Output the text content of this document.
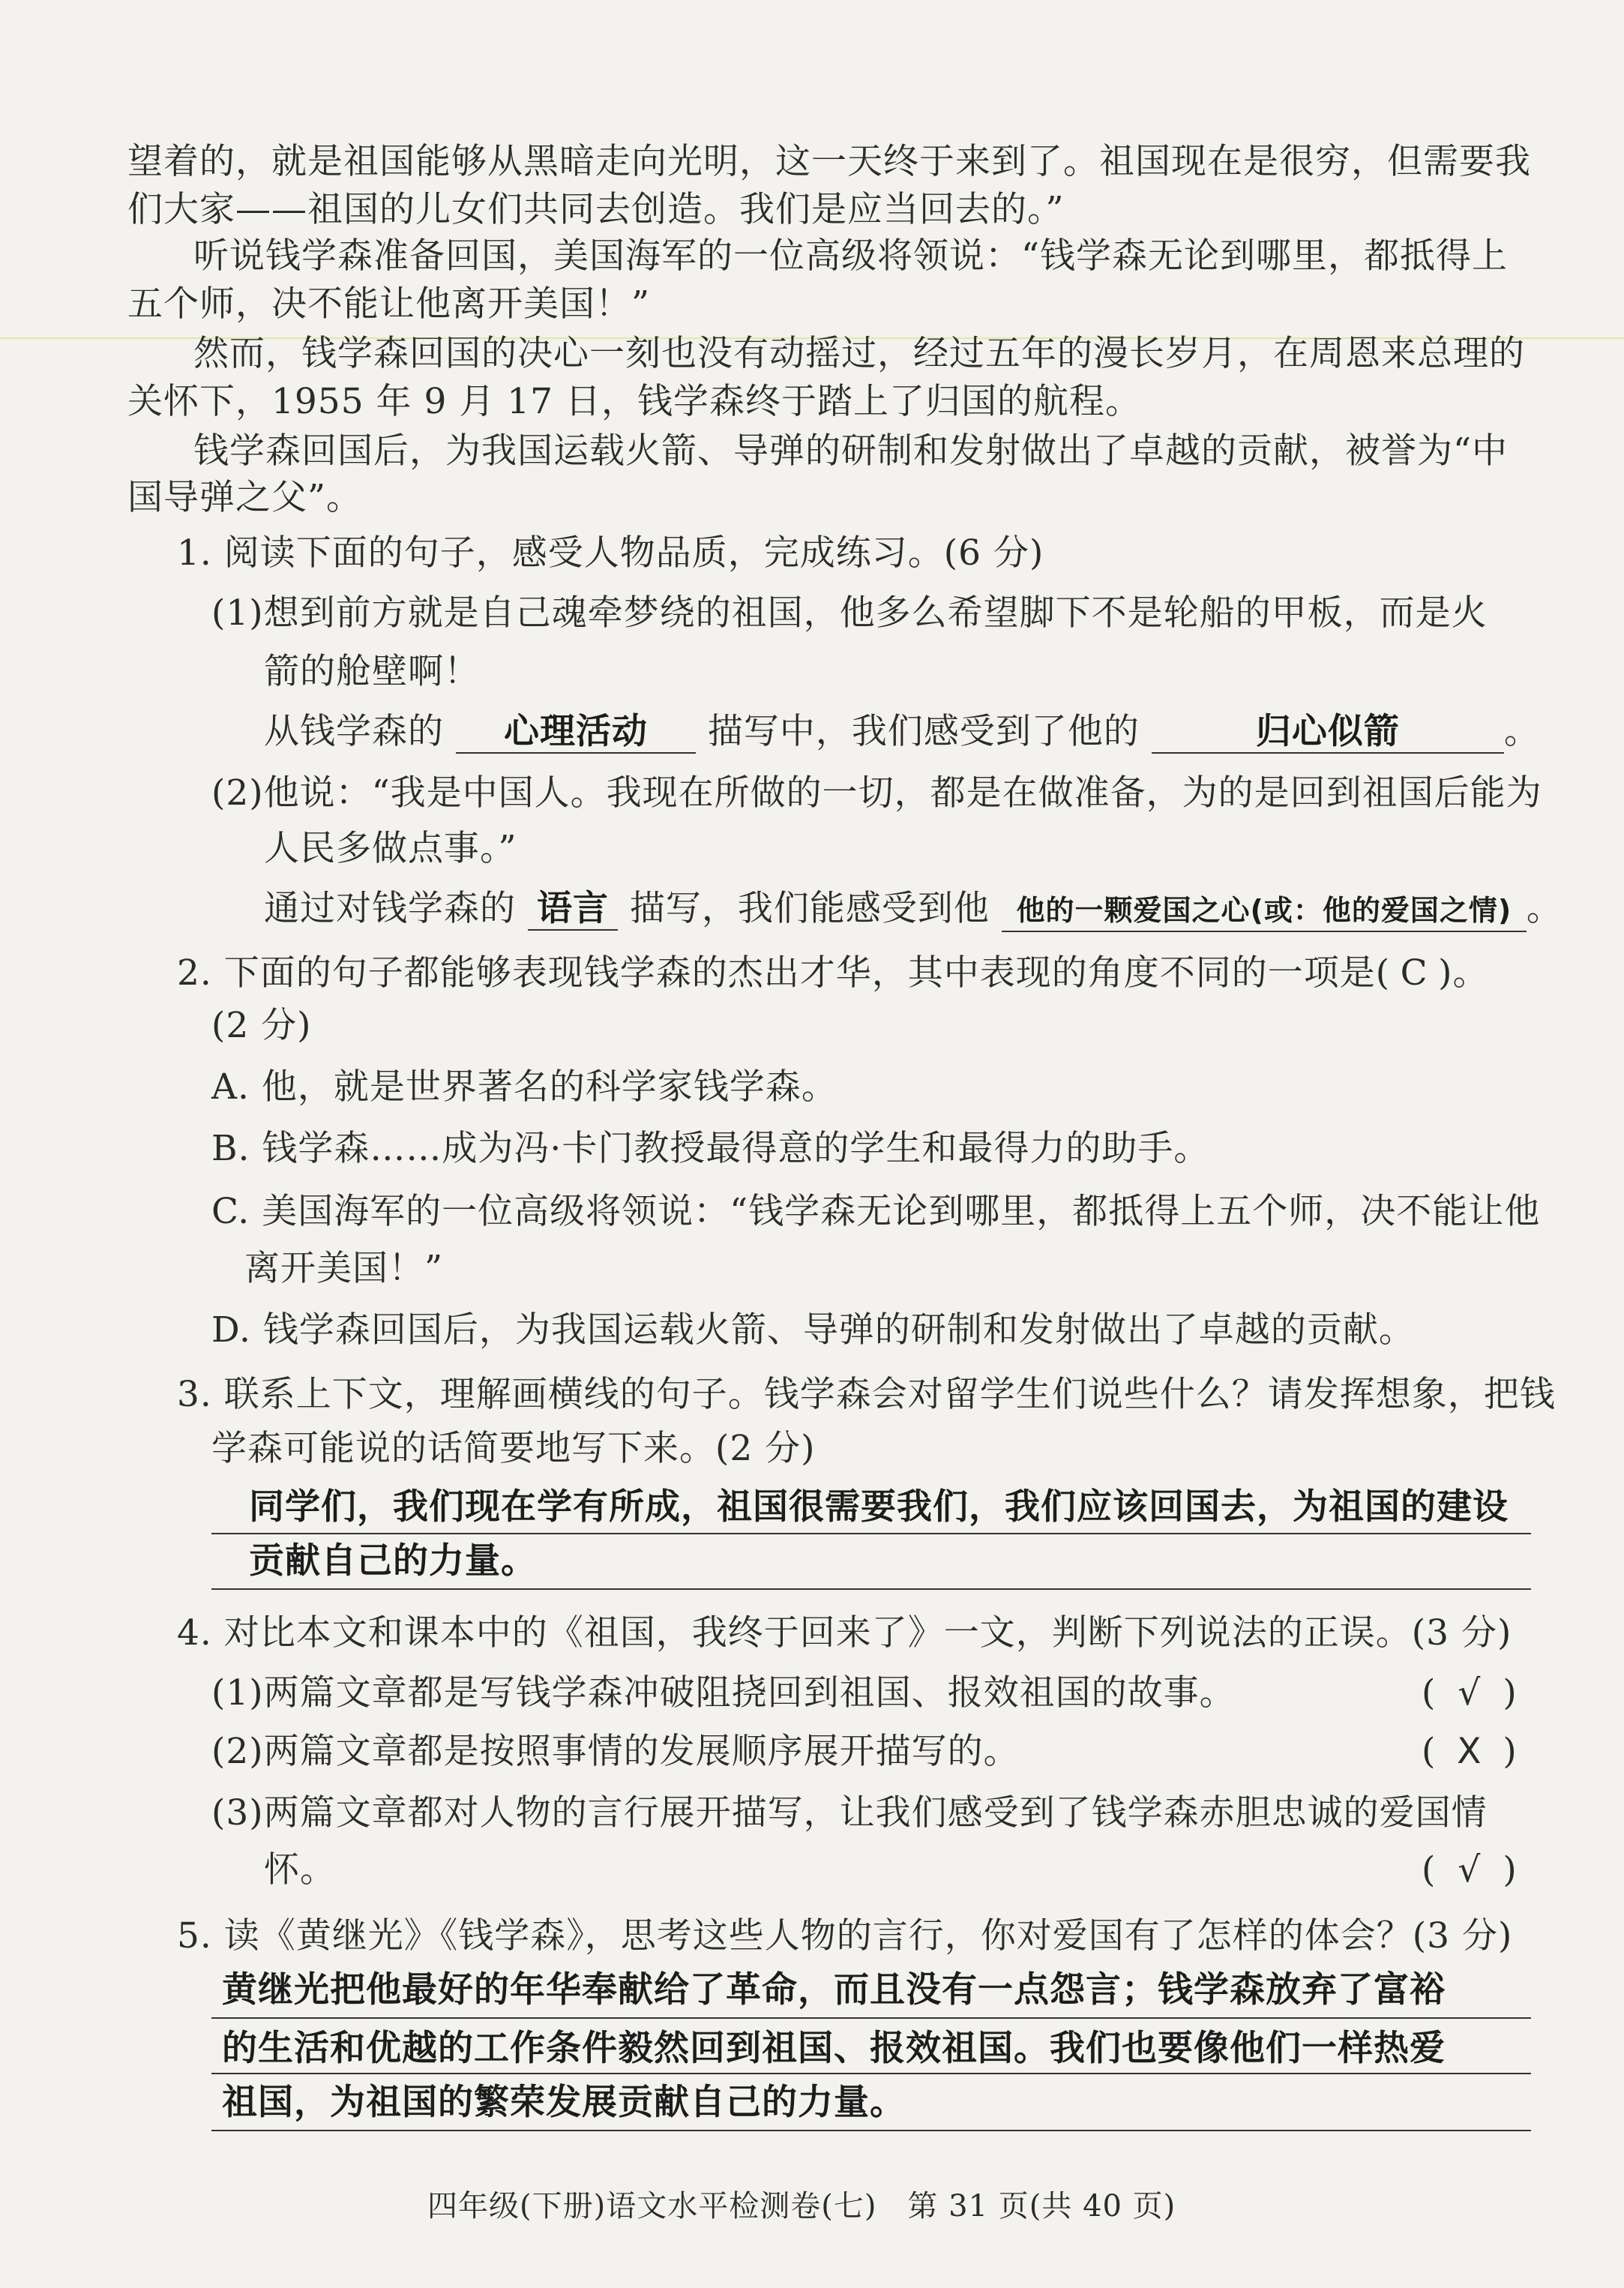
望着的，就是祖国能够从黑暗走向光明，这一天终于来到了。祖国现在是很穷，但需要我
们大家——祖国的儿女们共同去创造。我们是应当回去的。”
听说钱学森准备回国，美国海军的一位高级将领说：“钱学森无论到哪里，都抵得上
五个师，决不能让他离开美国！”
然而，钱学森回国的决心一刻也没有动摇过，经过五年的漫长岁月，在周恩来总理的
关怀下，1955 年 9 月 17 日，钱学森终于踏上了归国的航程。
钱学森回国后，为我国运载火箭、导弹的研制和发射做出了卓越的贡献，被誉为“中
国导弹之父”。
1. 阅读下面的句子，感受人物品质，完成练习。(6 分)
(1)想到前方就是自己魂牵梦绕的祖国，他多么希望脚下不是轮船的甲板，而是火
箭的舱壁啊！
从钱学森的 心理活动 描写中，我们感受到了他的	归心似箭	。
(2)他说：“我是中国人。我现在所做的一切，都是在做准备，为的是回到祖国后能为
人民多做点事。”
通过对钱学森的 语言 描写，我们能感受到他 他的一颗爱国之心(或：他的爱国之情) 。
2. 下面的句子都能够表现钱学森的杰出才华，其中表现的角度不同的一项是( C )。
(2 分)
A. 他，就是世界著名的科学家钱学森。
B. 钱学森……成为冯·卡门教授最得意的学生和最得力的助手。
C. 美国海军的一位高级将领说：“钱学森无论到哪里，都抵得上五个师，决不能让他
离开美国！”
D. 钱学森回国后，为我国运载火箭、导弹的研制和发射做出了卓越的贡献。
3. 联系上下文，理解画横线的句子。钱学森会对留学生们说些什么？请发挥想象，把钱
学森可能说的话简要地写下来。(2 分)
同学们，我们现在学有所成，祖国很需要我们，我们应该回国去，为祖国的建设
贡献自己的力量。
4. 对比本文和课本中的《祖国，我终于回来了》一文，判断下列说法的正误。(3 分)
(1)两篇文章都是写钱学森冲破阻挠回到祖国、报效祖国的故事。	( √ )
(2)两篇文章都是按照事情的发展顺序展开描写的。	( X )
(3)两篇文章都对人物的言行展开描写，让我们感受到了钱学森赤胆忠诚的爱国情
怀。	( √ )
5. 读《黄继光》《钱学森》，思考这些人物的言行，你对爱国有了怎样的体会？(3 分)
黄继光把他最好的年华奉献给了革命，而且没有一点怨言；钱学森放弃了富裕
的生活和优越的工作条件毅然回到祖国、报效祖国。我们也要像他们一样热爱
祖国，为祖国的繁荣发展贡献自己的力量。
四年级(下册)语文水平检测卷(七)　第 31 页(共 40 页)
